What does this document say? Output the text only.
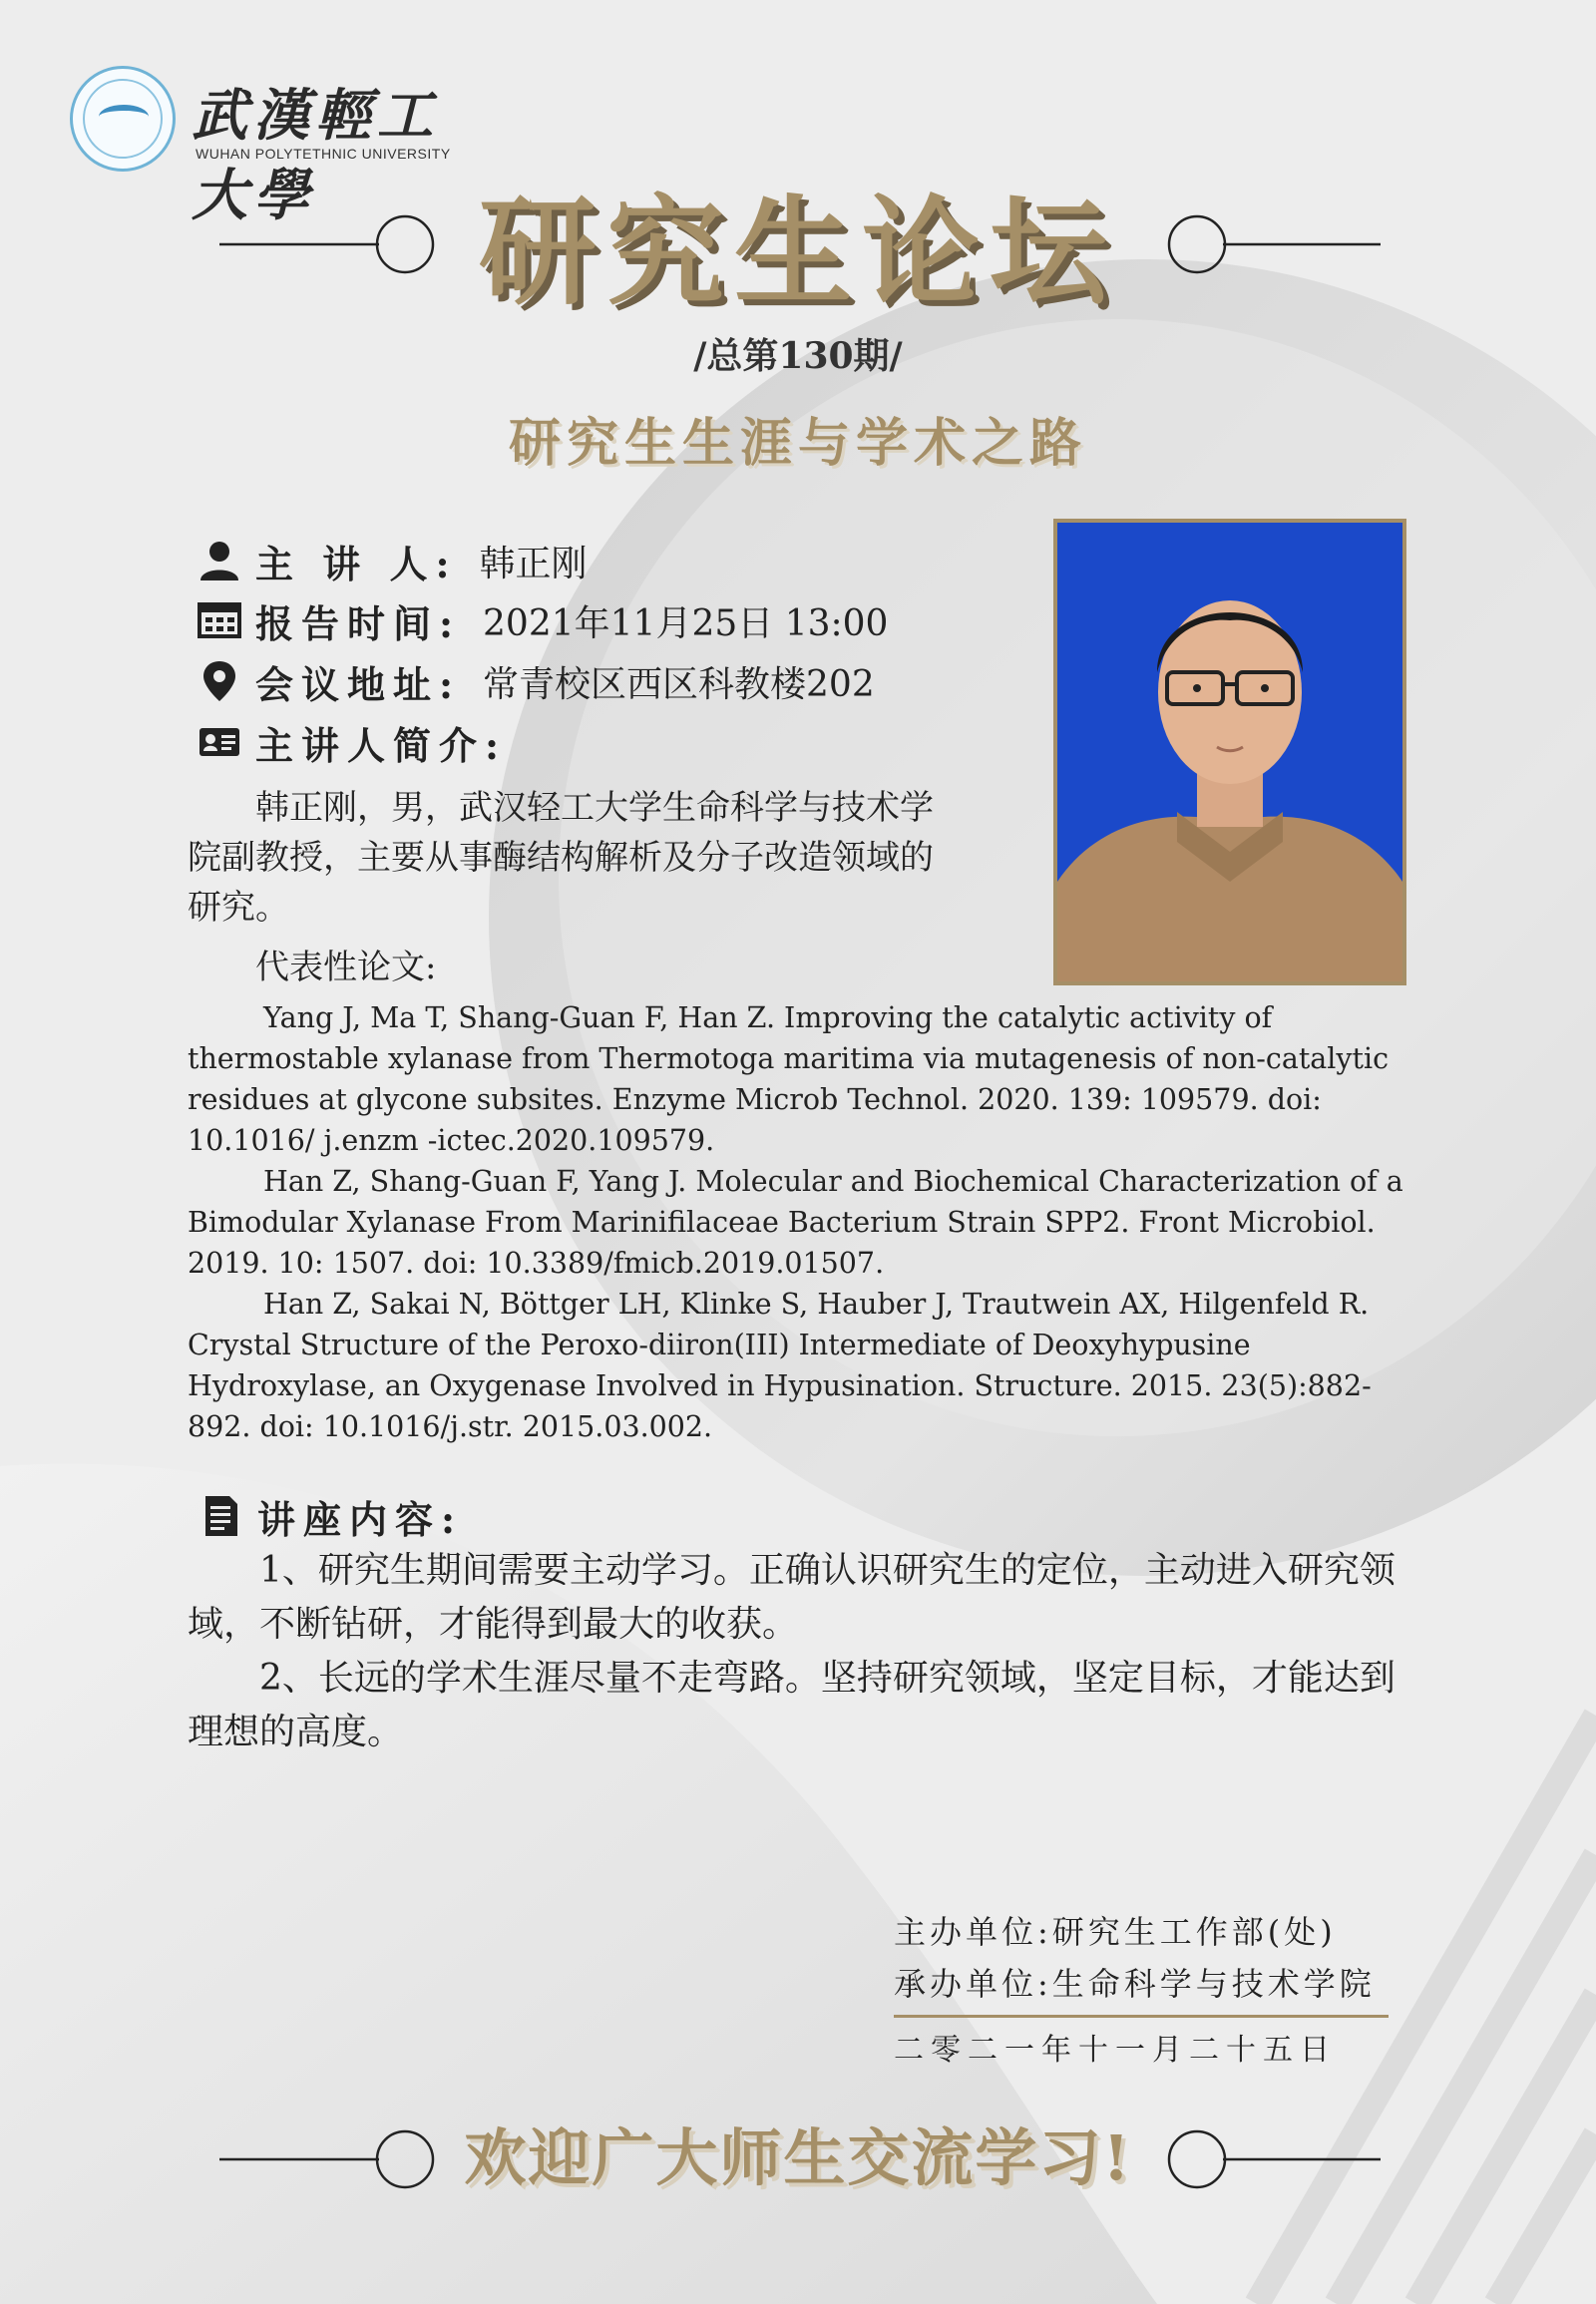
武漢輕工大學
WUHAN POLYTETHNIC UNIVERSITY
研究生论坛
/总第130期/
研究生生涯与学术之路
主 讲 人: 韩正刚
报告时间: 2021年11月25日 13:00
会议地址: 常青校区西区科教楼202
主讲人简介:
韩正刚，男，武汉轻工大学生命科学与技术学院副教授，主要从事酶结构解析及分子改造领域的研究。
代表性论文:

Yang J, Ma T, Shang-Guan F, Han Z. Improving the catalytic activity of thermostable xylanase from Thermotoga maritima via mutagenesis of non-catalytic residues at glycone subsites. Enzyme Microb Technol. 2020. 139: 109579. doi: 10.1016/ j.enzm -ictec.2020.109579.

Han Z, Shang-Guan F, Yang J. Molecular and Biochemical Characterization of a Bimodular Xylanase From Marinifilaceae Bacterium Strain SPP2. Front Microbiol. 2019. 10: 1507. doi: 10.3389/fmicb.2019.01507.

Han Z, Sakai N, Böttger LH, Klinke S, Hauber J, Trautwein AX, Hilgenfeld R. Crystal Structure of the Peroxo-diiron(III) Intermediate of Deoxyhypusine Hydroxylase, an Oxygenase Involved in Hypusination. Structure. 2015. 23(5):882-892. doi: 10.1016/j.str. 2015.03.002.

讲座内容:

1、研究生期间需要主动学习。正确认识研究生的定位，主动进入研究领域，不断钻研，才能得到最大的收获。

2、长远的学术生涯尽量不走弯路。坚持研究领域，坚定目标，才能达到理想的高度。

主办单位:研究生工作部(处)
承办单位:生命科学与技术学院
二零二一年十一月二十五日
欢迎广大师生交流学习!
